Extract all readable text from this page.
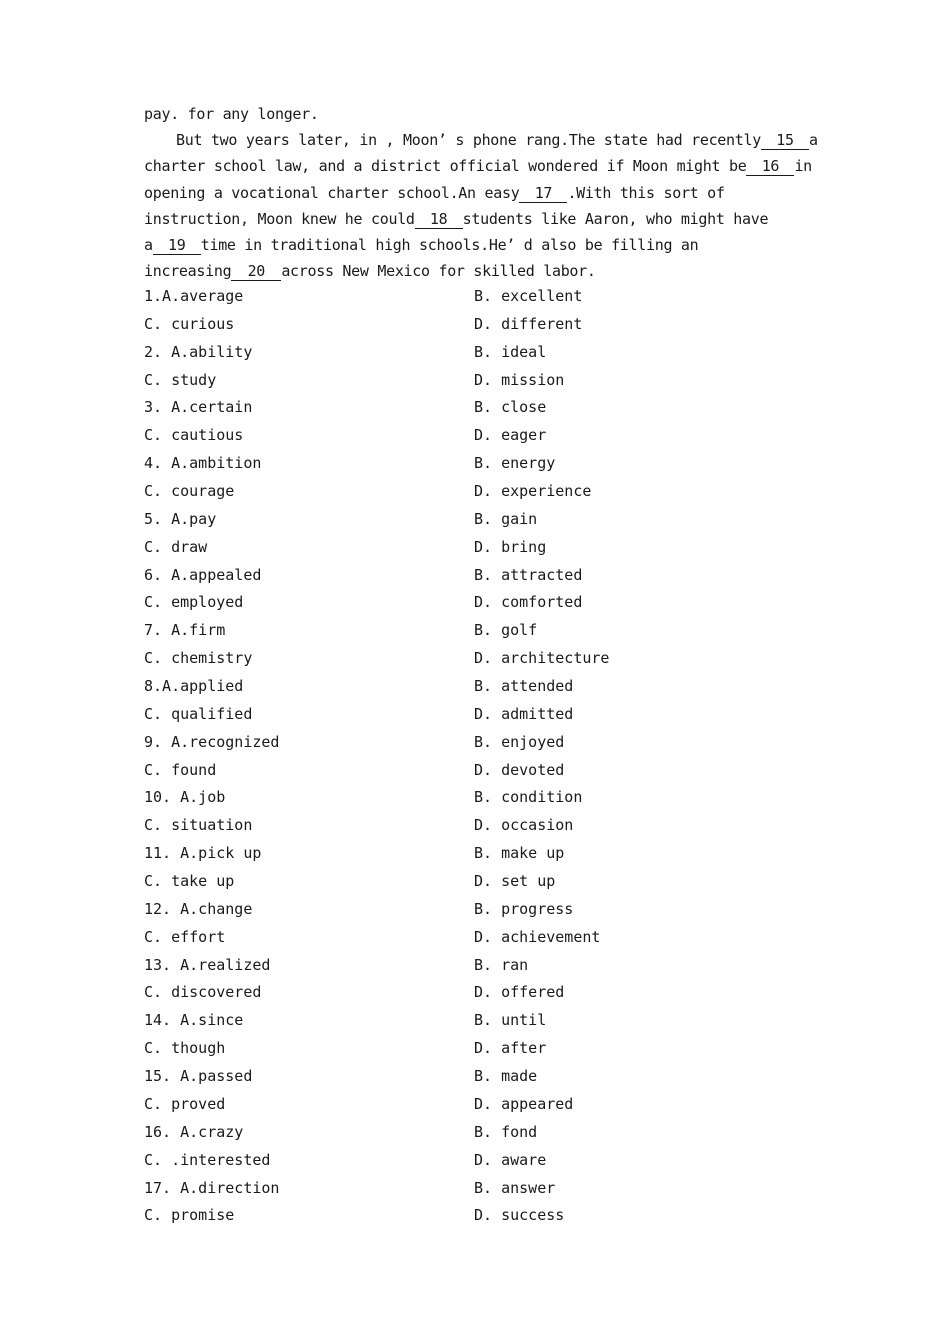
pay. for any longer.
But two years later, in , Moon’ s phone rang.The state had recently 15 a
charter school law, and a district official wondered if Moon might be 16 in
opening a vocational charter school.An easy 17 .With this sort of
instruction, Moon knew he could 18 students like Aaron, who might have
a 19 time in traditional high schools.He’ d also be filling an
increasing 20 across New Mexico for skilled labor.
1.A.average	B. excellent
C. curious	D. different
2. A.ability	B. ideal
C. study	D. mission
3. A.certain	B. close
C. cautious	D. eager
4. A.ambition	B. energy
C. courage	D. experience
5. A.pay	B. gain
C. draw	D. bring
6. A.appealed	B. attracted
C. employed	D. comforted
7. A.firm	B. golf
C. chemistry	D. architecture
8.A.applied	B. attended
C. qualified	D. admitted
9. A.recognized	B. enjoyed
C. found	D. devoted
10. A.job	B. condition
C. situation	D. occasion
11. A.pick up	B. make up
C. take up	D. set up
12. A.change	B. progress
C. effort	D. achievement
13. A.realized	B. ran
C. discovered	D. offered
14. A.since	B. until
C. though	D. after
15. A.passed	B. made
C. proved	D. appeared
16. A.crazy	B. fond
C. .interested	D. aware
17. A.direction	B. answer
C. promise	D. success
